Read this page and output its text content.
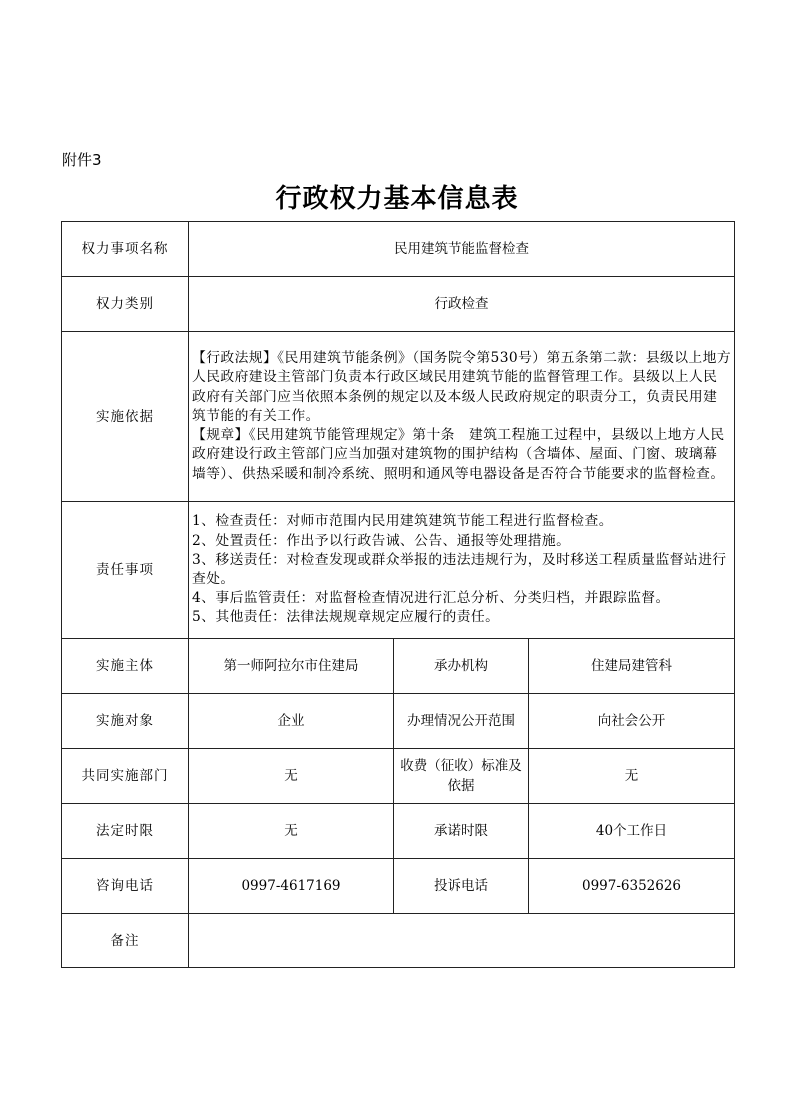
附件3
行政权力基本信息表
权力事项名称	民用建筑节能监督检查		
权力类别	行政检查		
实施依据	【行政法规】《民用建筑节能条例》（国务院令第530号）第五条第二款：县级以上地方人民政府建设主管部门负责本行政区域民用建筑节能的监督管理工作。县级以上人民政府有关部门应当依照本条例的规定以及本级人民政府规定的职责分工，负责民用建筑节能的有关工作。
【规章】《民用建筑节能管理规定》第十条　建筑工程施工过程中，县级以上地方人民政府建设行政主管部门应当加强对建筑物的围护结构（含墙体、屋面、门窗、玻璃幕墙等）、供热采暖和制冷系统、照明和通风等电器设备是否符合节能要求的监督检查。		

责任事项	1、检查责任：对师市范围内民用建筑建筑节能工程进行监督检查。
2、处置责任：作出予以行政告诫、公告、通报等处理措施。
3、移送责任：对检查发现或群众举报的违法违规行为，及时移送工程质量监督站进行查处。
4、事后监管责任：对监督检查情况进行汇总分析、分类归档，并跟踪监督。
5、其他责任：法律法规规章规定应履行的责任。		

实施主体	第一师阿拉尔市住建局	承办机构	住建局建管科
实施对象	企业	办理情况公开范围	向社会公开
共同实施部门	无	收费（征收）标准及依据	无
法定时限	无	承诺时限	40个工作日
咨询电话	0997-4617169	投诉电话	0997-6352626
备注			
